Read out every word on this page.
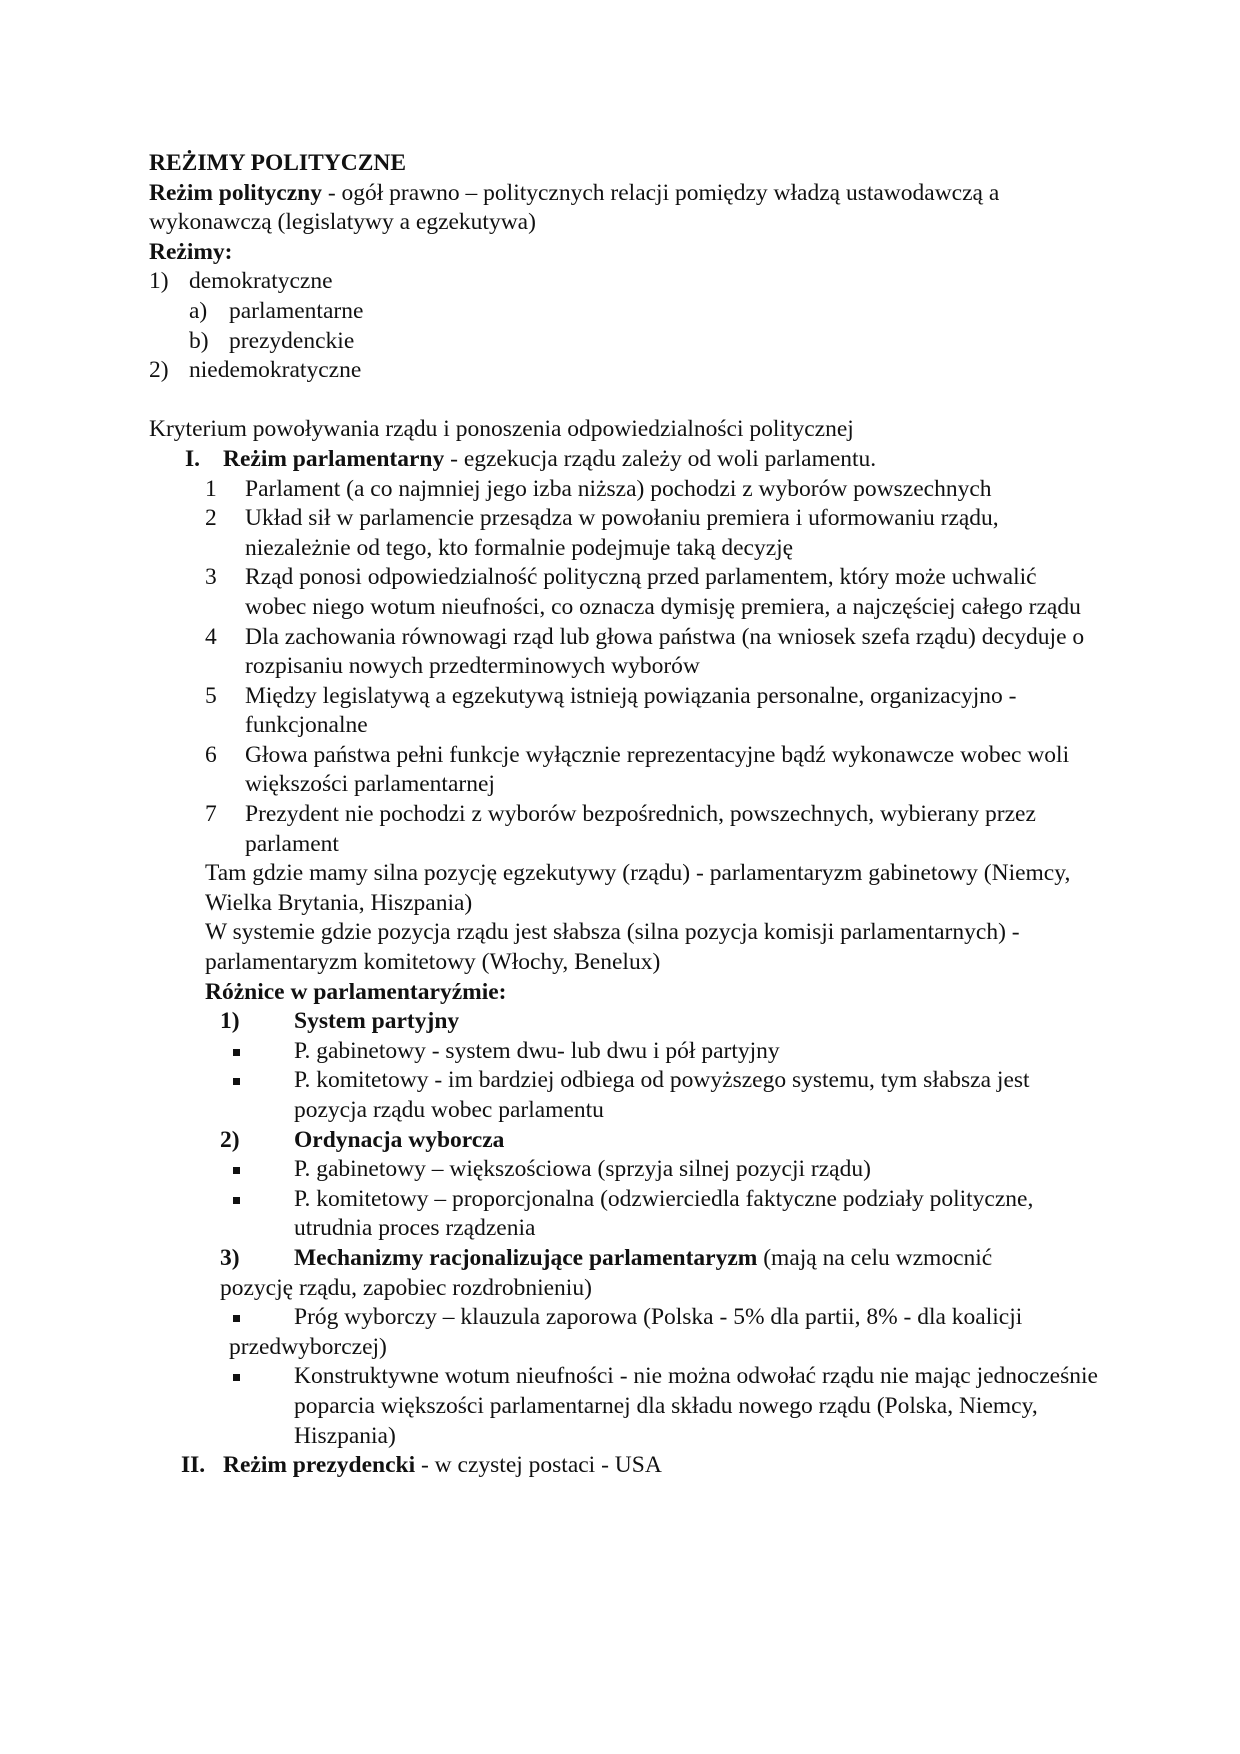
REŻIMY POLITYCZNE
Reżim polityczny - ogół prawno – politycznych relacji pomiędzy władzą ustawodawczą a wykonawczą (legislatywy a egzekutywa)
Reżimy:
1) demokratyczne
a) parlamentarne
b) prezydenckie
2) niedemokratyczne
Kryterium powoływania rządu i ponoszenia odpowiedzialności politycznej
I. Reżim parlamentarny - egzekucja rządu zależy od woli parlamentu.
1 Parlament (a co najmniej jego izba niższa) pochodzi z wyborów powszechnych
2 Układ sił w parlamencie przesądza w powołaniu premiera i uformowaniu rządu, niezależnie od tego, kto formalnie podejmuje taką decyzję
3 Rząd ponosi odpowiedzialność polityczną przed parlamentem, który może uchwalić wobec niego wotum nieufności, co oznacza dymisję premiera, a najczęściej całego rządu
4 Dla zachowania równowagi rząd lub głowa państwa (na wniosek szefa rządu) decyduje o rozpisaniu nowych przedterminowych wyborów
5 Między legislatywą a egzekutywą istnieją powiązania personalne, organizacyjno - funkcjonalne
6 Głowa państwa pełni funkcje wyłącznie reprezentacyjne bądź wykonawcze wobec woli większości parlamentarnej
7 Prezydent nie pochodzi z wyborów bezpośrednich, powszechnych, wybierany przez parlament
Tam gdzie mamy silna pozycję egzekutywy (rządu) - parlamentaryzm gabinetowy (Niemcy, Wielka Brytania, Hiszpania)
W systemie gdzie pozycja rządu jest słabsza (silna pozycja komisji parlamentarnych) - parlamentaryzm komitetowy (Włochy, Benelux)
Różnice w parlamentaryźmie:
1) System partyjny
P. gabinetowy - system dwu- lub dwu i pół partyjny
P. komitetowy - im bardziej odbiega od powyższego systemu, tym słabsza jest pozycja rządu wobec parlamentu
2) Ordynacja wyborcza
P. gabinetowy – większościowa (sprzyja silnej pozycji rządu)
P. komitetowy – proporcjonalna (odzwierciedla faktyczne podziały polityczne, utrudnia proces rządzenia
3) Mechanizmy racjonalizujące parlamentaryzm (mają na celu wzmocnić
pozycję rządu, zapobiec rozdrobnieniu)
Próg wyborczy – klauzula zaporowa (Polska - 5% dla partii, 8% - dla koalicji przedwyborczej)
Konstruktywne wotum nieufności - nie można odwołać rządu nie mając jednocześnie poparcia większości parlamentarnej dla składu nowego rządu (Polska, Niemcy, Hiszpania)
II. Reżim prezydencki - w czystej postaci - USA
